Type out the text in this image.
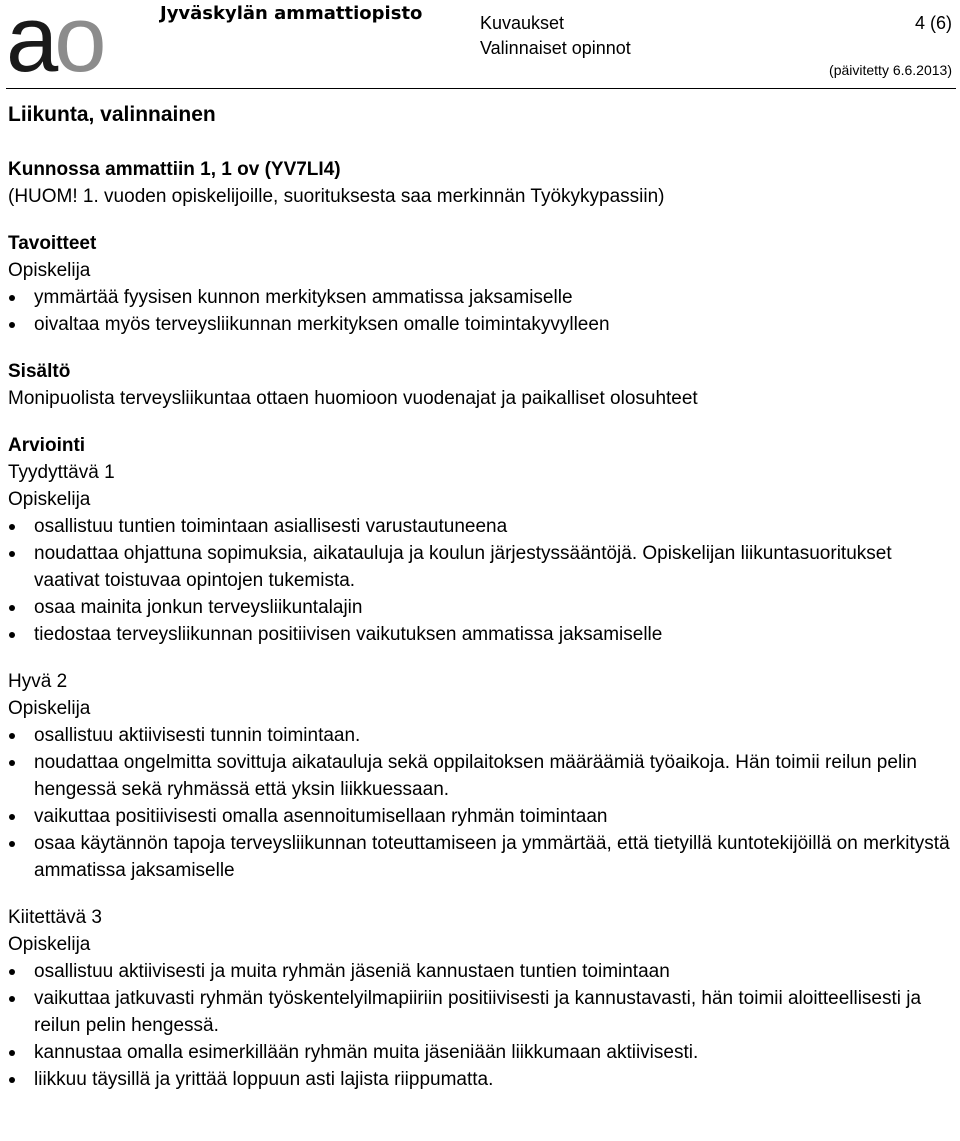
ao	Jyväskylän ammattiopisto	Kuvaukset
Valinnaiset opinnot
4 (6)
(päivitetty 6.6.2013)
Liikunta, valinnainen

Kunnossa ammattiin 1, 1 ov (YV7LI4)

(HUOM! 1. vuoden opiskelijoille, suorituksesta saa merkinnän Työkykypassiin)

Tavoitteet

Opiskelija

ymmärtää fyysisen kunnon merkityksen ammatissa jaksamiselle
oivaltaa myös terveysliikunnan merkityksen omalle toimintakyvylleen

Sisältö

Monipuolista terveysliikuntaa ottaen huomioon vuodenajat ja paikalliset olosuhteet

Arviointi

Tyydyttävä 1

Opiskelija

osallistuu tuntien toimintaan asiallisesti varustautuneena
noudattaa ohjattuna sopimuksia, aikatauluja ja koulun järjestyssääntöjä. Opiskelijan liikuntasuoritukset vaativat toistuvaa opintojen tukemista.
osaa mainita jonkun terveysliikuntalajin
tiedostaa terveysliikunnan positiivisen vaikutuksen ammatissa jaksamiselle

Hyvä 2

Opiskelija

osallistuu aktiivisesti tunnin toimintaan.
noudattaa ongelmitta sovittuja aikatauluja sekä oppilaitoksen määräämiä työaikoja. Hän toimii reilun pelin hengessä sekä ryhmässä että yksin liikkuessaan.
vaikuttaa positiivisesti omalla asennoitumisellaan ryhmän toimintaan
osaa käytännön tapoja terveysliikunnan toteuttamiseen ja ymmärtää, että tietyillä kuntotekijöillä on merkitystä ammatissa jaksamiselle

Kiitettävä 3

Opiskelija

osallistuu aktiivisesti ja muita ryhmän jäseniä kannustaen tuntien toimintaan
vaikuttaa jatkuvasti ryhmän työskentelyilmapiiriin positiivisesti ja kannustavasti, hän toimii aloitteellisesti ja reilun pelin hengessä.
kannustaa omalla esimerkillään ryhmän muita jäseniään liikkumaan aktiivisesti.
liikkuu täysillä ja yrittää loppuun asti lajista riippumatta.
